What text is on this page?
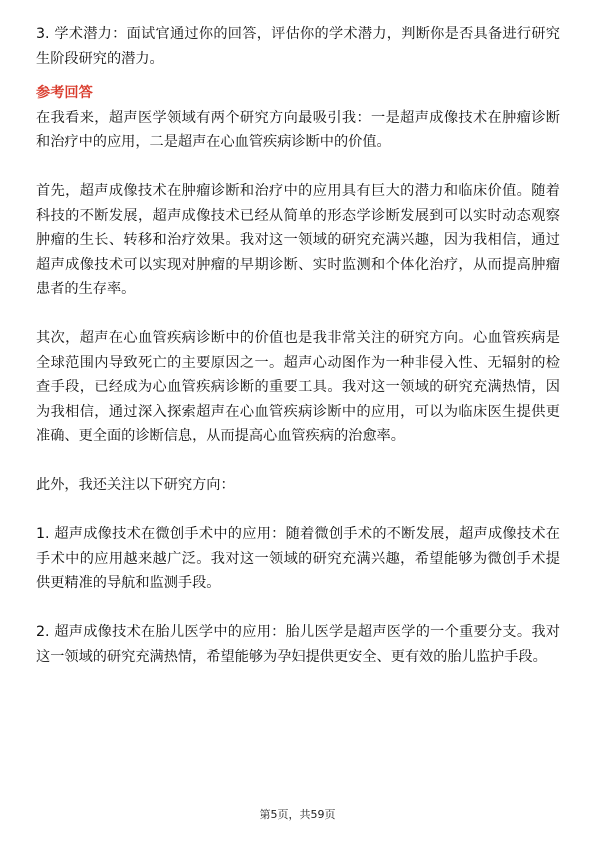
3. 学术潜力：面试官通过你的回答，评估你的学术潜力，判断你是否具备进行研究生阶段研究的潜力。

参考回答

在我看来，超声医学领域有两个研究方向最吸引我：一是超声成像技术在肿瘤诊断和治疗中的应用，二是超声在心血管疾病诊断中的价值。

首先，超声成像技术在肿瘤诊断和治疗中的应用具有巨大的潜力和临床价值。随着科技的不断发展，超声成像技术已经从简单的形态学诊断发展到可以实时动态观察肿瘤的生长、转移和治疗效果。我对这一领域的研究充满兴趣，因为我相信，通过超声成像技术可以实现对肿瘤的早期诊断、实时监测和个体化治疗，从而提高肿瘤患者的生存率。

其次，超声在心血管疾病诊断中的价值也是我非常关注的研究方向。心血管疾病是全球范围内导致死亡的主要原因之一。超声心动图作为一种非侵入性、无辐射的检查手段，已经成为心血管疾病诊断的重要工具。我对这一领域的研究充满热情，因为我相信，通过深入探索超声在心血管疾病诊断中的应用，可以为临床医生提供更准确、更全面的诊断信息，从而提高心血管疾病的治愈率。

此外，我还关注以下研究方向：

1. 超声成像技术在微创手术中的应用：随着微创手术的不断发展，超声成像技术在手术中的应用越来越广泛。我对这一领域的研究充满兴趣，希望能够为微创手术提供更精准的导航和监测手段。

2. 超声成像技术在胎儿医学中的应用：胎儿医学是超声医学的一个重要分支。我对这一领域的研究充满热情，希望能够为孕妇提供更安全、更有效的胎儿监护手段。

第5页，共59页
